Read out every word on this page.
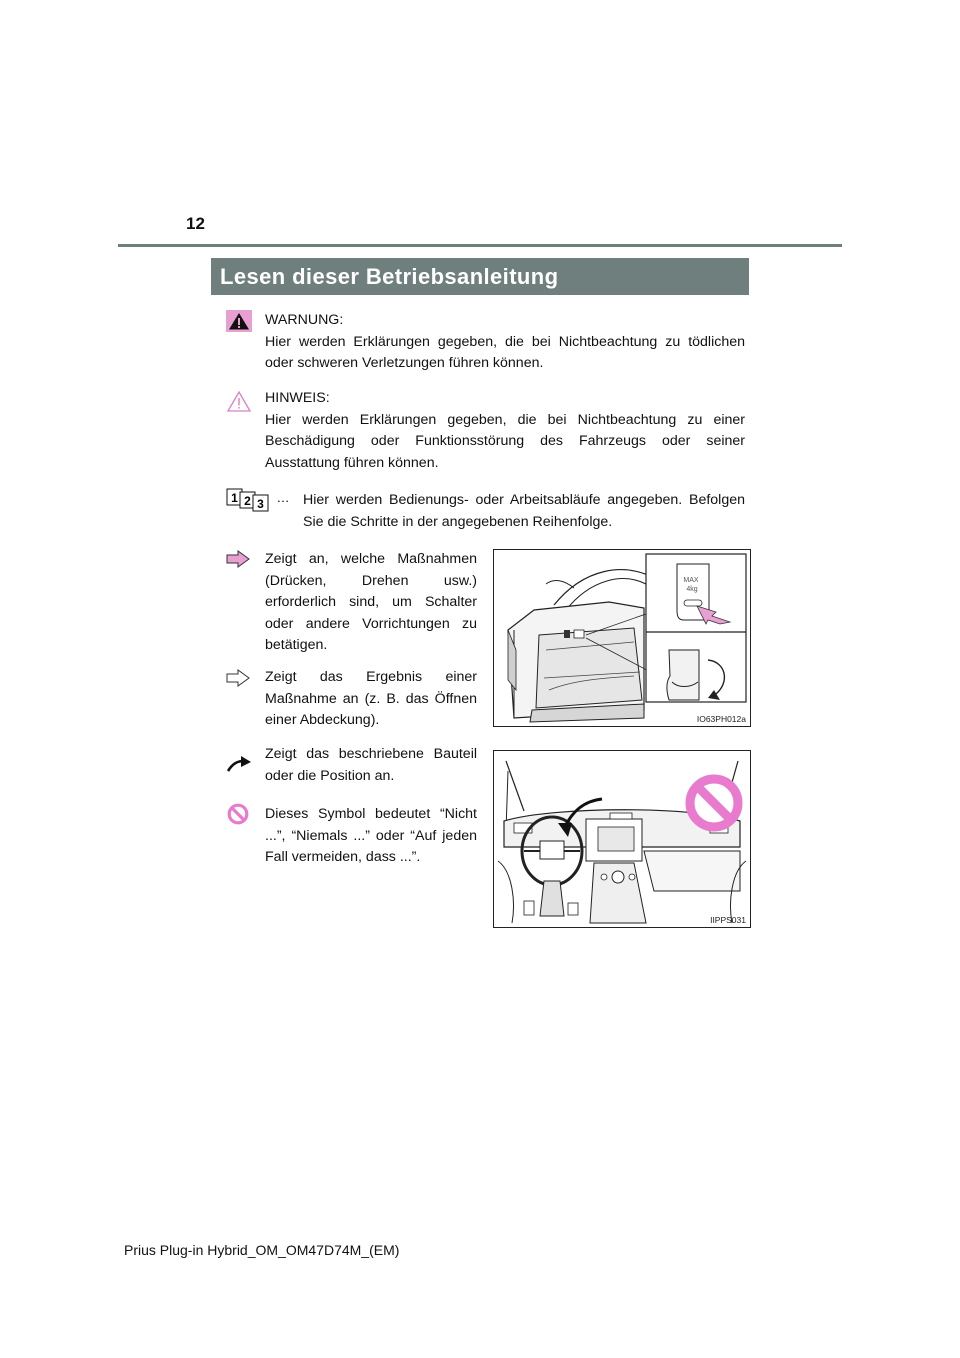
12
Lesen dieser Betriebsanleitung
WARNUNG:
Hier werden Erklärungen gegeben, die bei Nichtbeachtung zu tödlichen oder schweren Verletzungen führen können.
HINWEIS:
Hier werden Erklärungen gegeben, die bei Nichtbeachtung zu einer Beschädigung oder Funktionsstörung des Fahrzeugs oder seiner Ausstattung führen können.
1 2 3 … Hier werden Bedienungs- oder Arbeitsabläufe angegeben. Befolgen Sie die Schritte in der angegebenen Reihenfolge.
Zeigt an, welche Maßnahmen (Drücken, Drehen usw.) erforderlich sind, um Schalter oder andere Vorrichtungen zu betätigen.
Zeigt das Ergebnis einer Maßnahme an (z. B. das Öffnen einer Abdeckung).
Zeigt das beschriebene Bauteil oder die Position an.
Dieses Symbol bedeutet “Nicht ...”, “Niemals ...” oder “Auf jeden Fall vermeiden, dass ...”.
MAX
4kg
IO63PH012a
IIPPS031
Prius Plug-in Hybrid_OM_OM47D74M_(EM)
